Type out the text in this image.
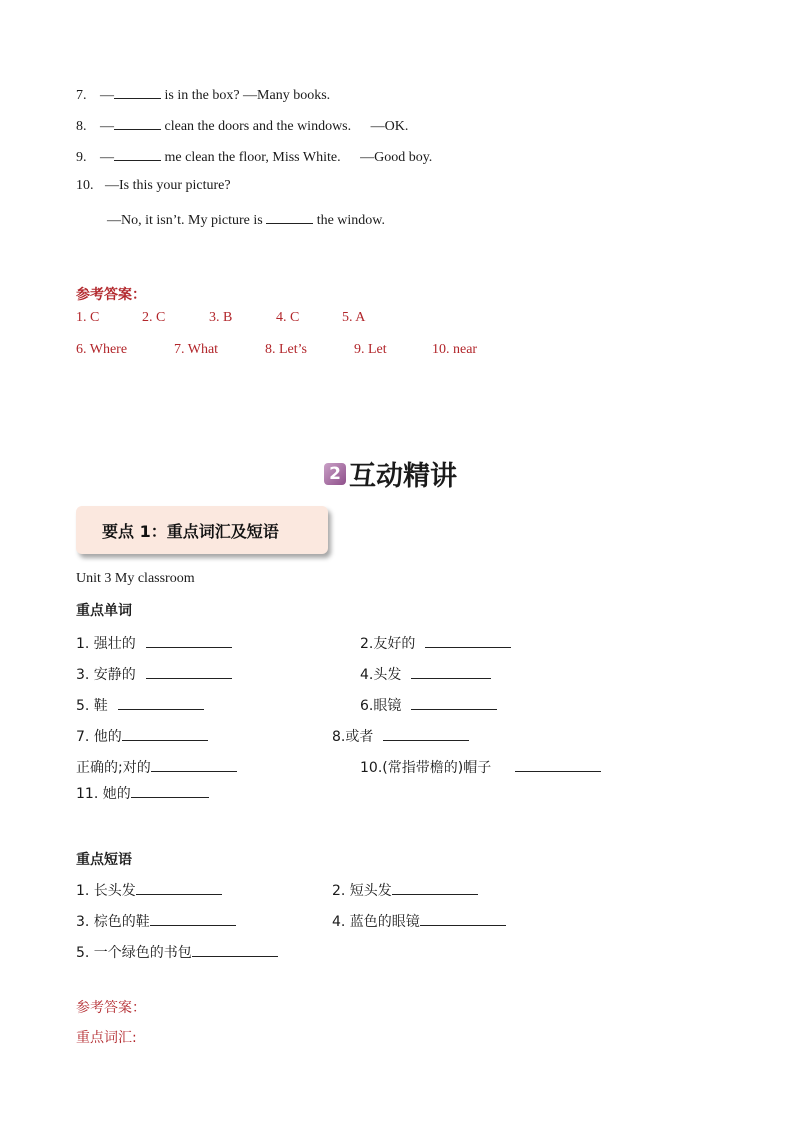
7. —	is in the box? —Many books.
8. —	clean the doors and the windows. —OK.
9. —	me clean the floor, Miss White. —Good boy.
10. —Is this your picture?
—No, it isn’t. My picture is	the window.
参考答案：
1. C	2. C	3. B	4. C	5. A
6. Where	7. What	8. Let’s	9. Let	10. near
2 互动精讲
要点 1：重点词汇及短语
Unit 3 My classroom
重点单词
1. 强壮的	2.友好的
3. 安静的	4.头发
5. 鞋	6.眼镜
7. 他的	8.或者
正确的;对的	10.(常指带檐的)帽子
11. 她的
重点短语
1. 长头发	2. 短头发
3. 棕色的鞋	4. 蓝色的眼镜
5. 一个绿色的书包
参考答案：
重点词汇:
